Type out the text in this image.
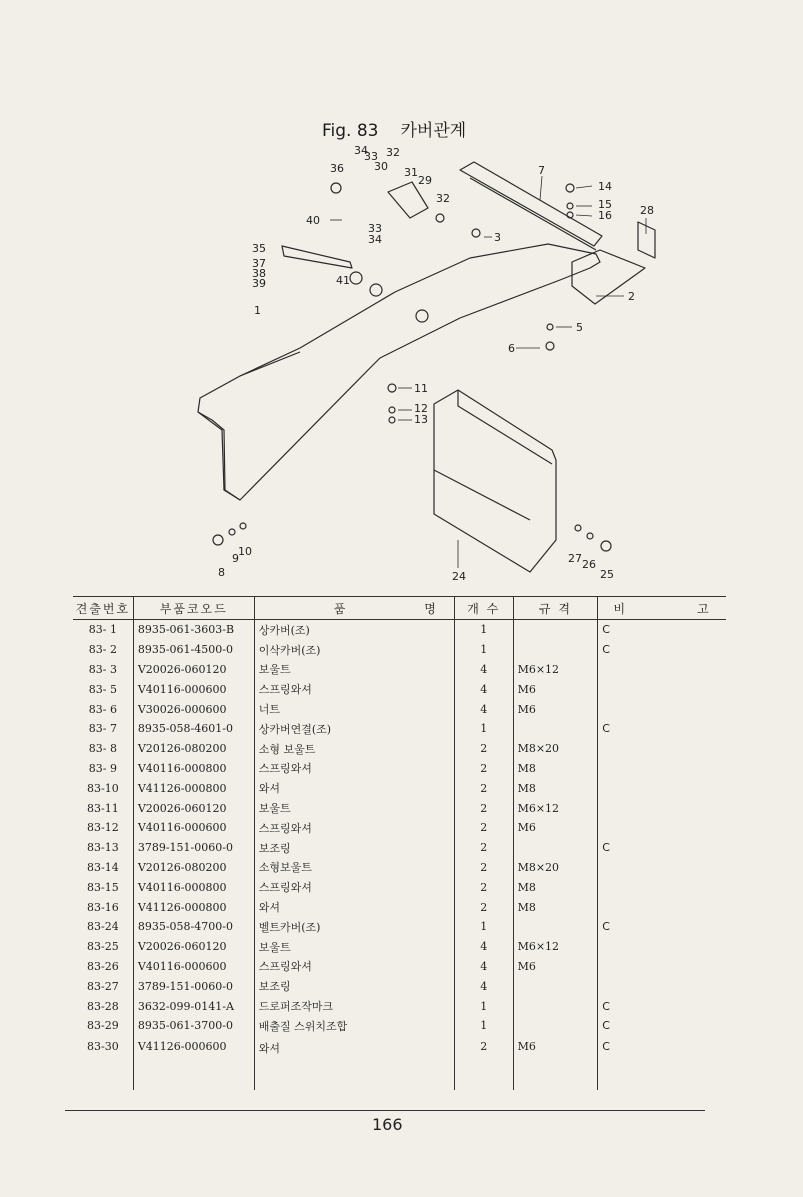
Fig. 83 카버관계
1
2
3
5
6
7
8
9
10
11
12
13
14
15
16
24	25
26
27
28
29
30 31
32
32
33
33
34
34
35
36
37
38
39
40
41
견출번호	부품코오드	품 명	개 수	규 격	비 고
83- 1	8935-061-3603-B	상카버(조)	1		C
83- 2	8935-061-4500-0	이삭카버(조)	1		C
83- 3	V20026-060120	보울트	4	M6×12	
83- 5	V40116-000600	스프링와셔	4	M6	
83- 6	V30026-000600	너트	4	M6	
83- 7	8935-058-4601-0	상카버연결(조)	1		C
83- 8	V20126-080200	소형 보울트	2	M8×20	
83- 9	V40116-000800	스프링와셔	2	M8	
83-10	V41126-000800	와셔	2	M8	
83-11	V20026-060120	보울트	2	M6×12	
83-12	V40116-000600	스프링와셔	2	M6	
83-13	3789-151-0060-0	보조링	2		C
83-14	V20126-080200	소형보울트	2	M8×20	
83-15	V40116-000800	스프링와셔	2	M8	
83-16	V41126-000800	와셔	2	M8	
83-24	8935-058-4700-0	벨트카버(조)	1		C
83-25	V20026-060120	보울트	4	M6×12	
83-26	V40116-000600	스프링와셔	4	M6	
83-27	3789-151-0060-0	보조링	4		
83-28	3632-099-0141-A	드로퍼조작마크	1		C
83-29	8935-061-3700-0	배출질 스위치조합	1		C
83-30	V41126-000600	와셔	2	M6	C
166
